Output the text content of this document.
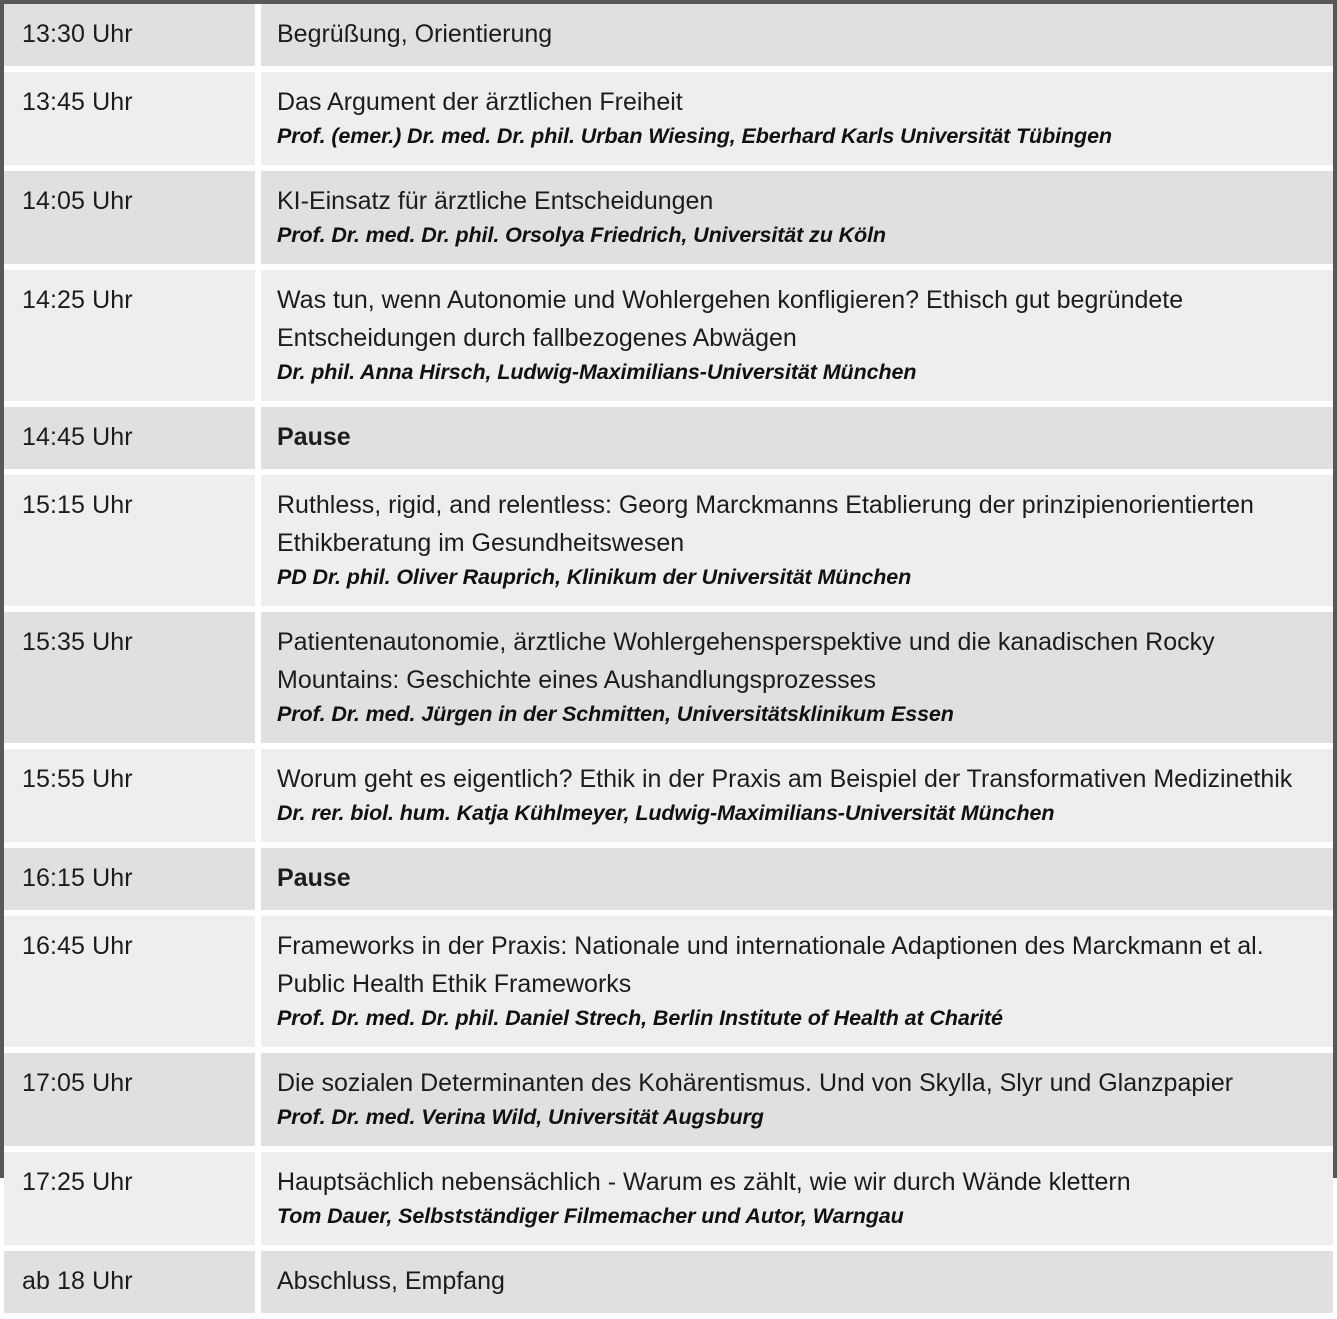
13:30 Uhr	Begrüßung, Orientierung
13:45 Uhr	Das Argument der ärztlichen Freiheit
Prof. (emer.) Dr. med. Dr. phil. Urban Wiesing, Eberhard Karls Universität Tübingen
14:05 Uhr	KI-Einsatz für ärztliche Entscheidungen
Prof. Dr. med. Dr. phil. Orsolya Friedrich, Universität zu Köln
14:25 Uhr	Was tun, wenn Autonomie und Wohlergehen konfligieren? Ethisch gut begründete Entscheidungen durch fallbezogenes Abwägen
Dr. phil. Anna Hirsch, Ludwig-Maximilians-Universität München
14:45 Uhr	Pause
15:15 Uhr	Ruthless, rigid, and relentless: Georg Marckmanns Etablierung der prinzipienorientierten Ethikberatung im Gesundheitswesen
PD Dr. phil. Oliver Rauprich, Klinikum der Universität München
15:35 Uhr	Patientenautonomie, ärztliche Wohlergehensperspektive und die kanadischen Rocky Mountains: Geschichte eines Aushandlungsprozesses
Prof. Dr. med. Jürgen in der Schmitten, Universitätsklinikum Essen
15:55 Uhr	Worum geht es eigentlich? Ethik in der Praxis am Beispiel der Transformativen Medizinethik
Dr. rer. biol. hum. Katja Kühlmeyer, Ludwig-Maximilians-Universität München
16:15 Uhr	Pause
16:45 Uhr	Frameworks in der Praxis: Nationale und internationale Adaptionen des Marckmann et al. Public Health Ethik Frameworks
Prof. Dr. med. Dr. phil. Daniel Strech, Berlin Institute of Health at Charité
17:05 Uhr	Die sozialen Determinanten des Kohärentismus. Und von Skylla, Slyr und Glanzpapier
Prof. Dr. med. Verina Wild, Universität Augsburg
17:25 Uhr	Hauptsächlich nebensächlich - Warum es zählt, wie wir durch Wände klettern
Tom Dauer, Selbstständiger Filmemacher und Autor, Warngau
ab 18 Uhr	Abschluss, Empfang
